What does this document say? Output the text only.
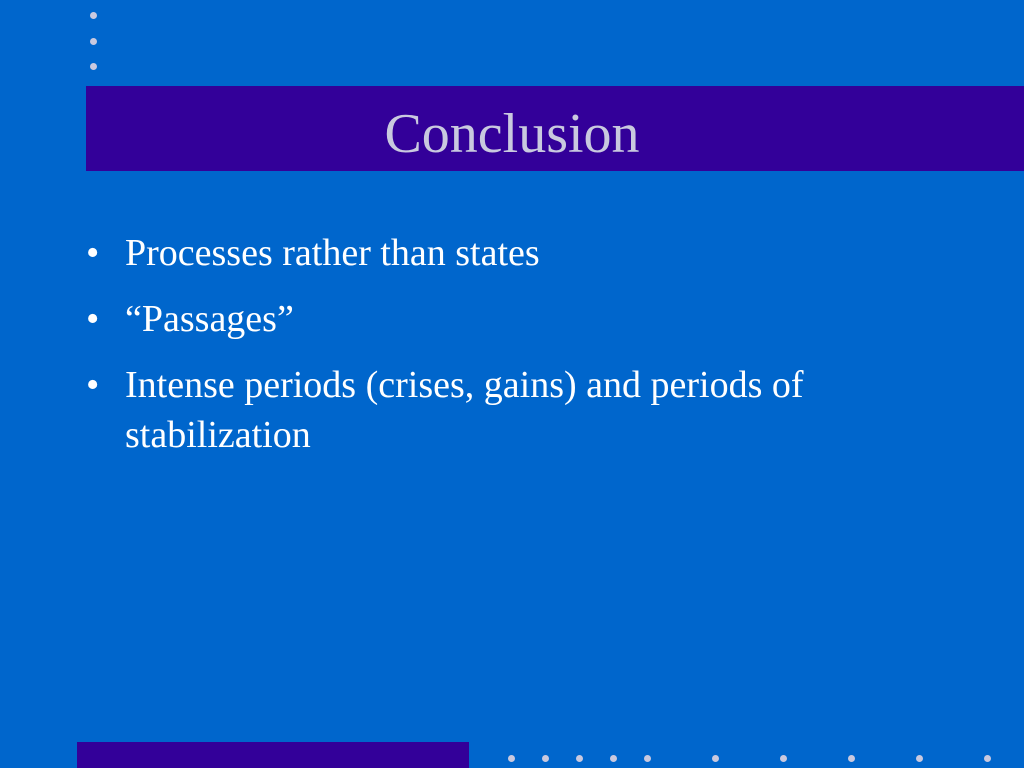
Conclusion
• Processes rather than states
• “Passages”
• Intense periods (crises, gains) and periods of stabilization
